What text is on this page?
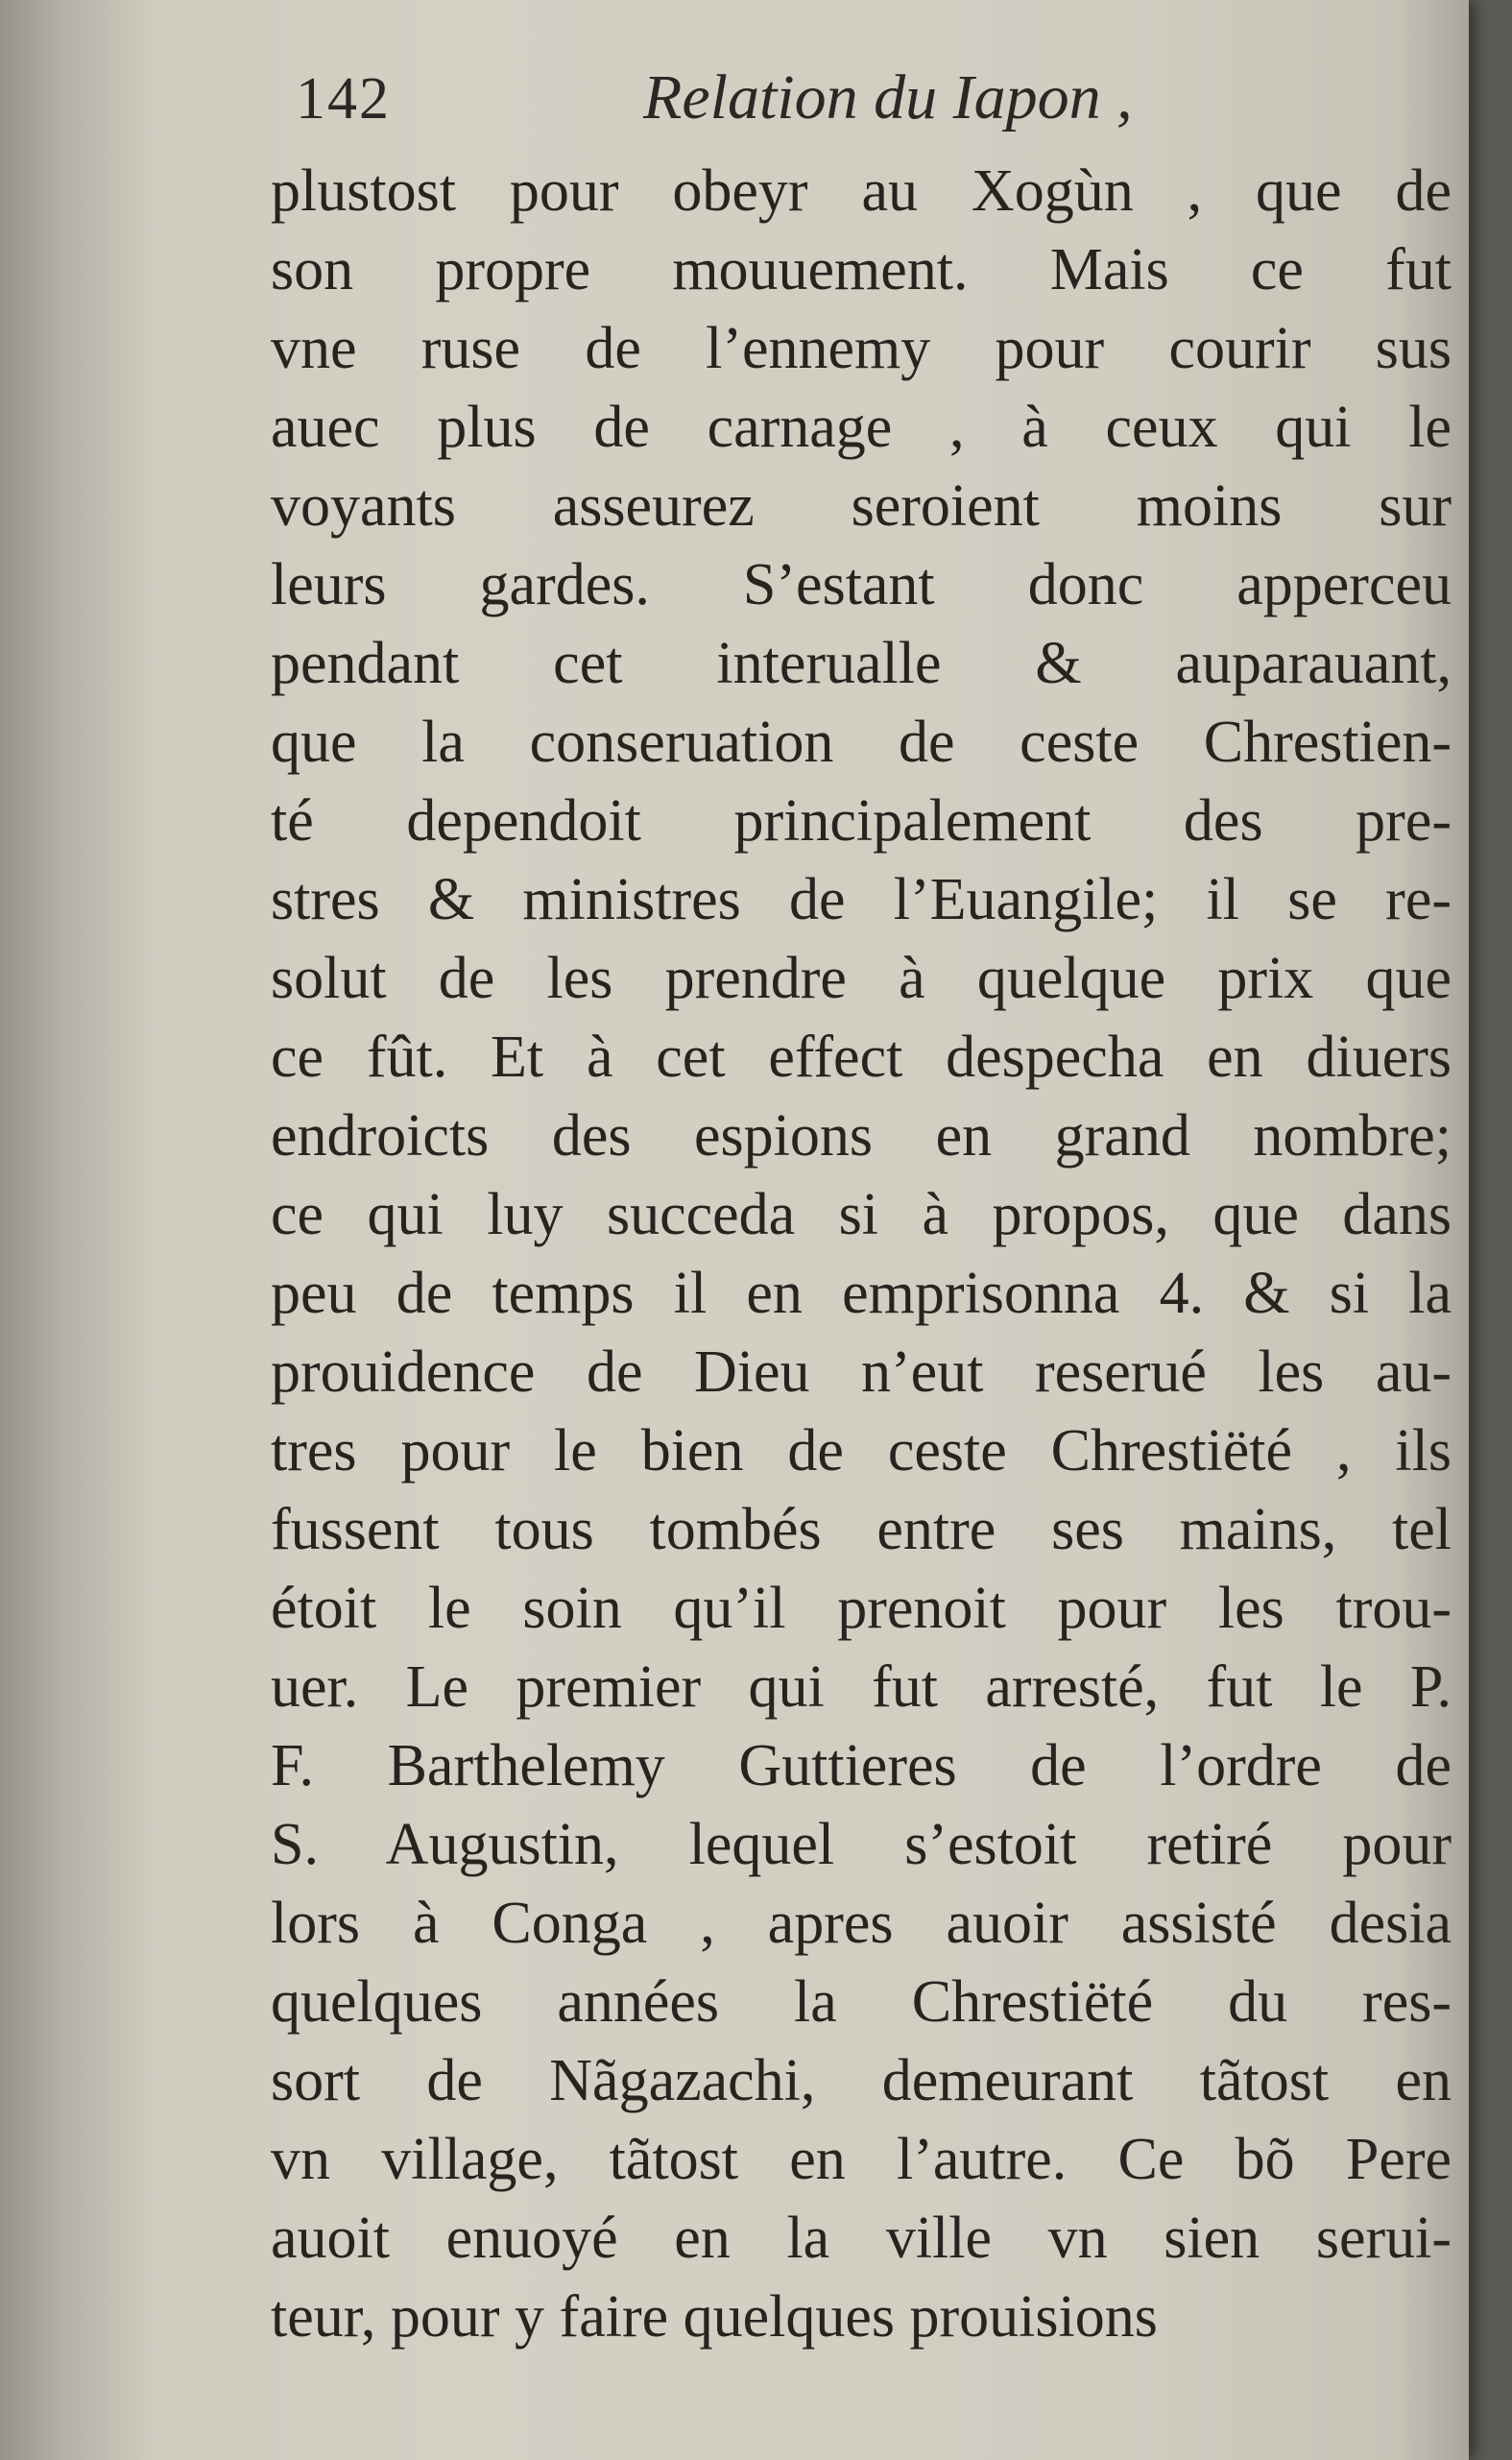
142	Relation du Iapon ,
plustost pour obeyr au Xogùn , que de
son propre mouuement. Mais ce fut
vne ruse de l’ennemy pour courir sus
auec plus de carnage , à ceux qui le
voyants asseurez seroient moins sur
leurs gardes. S’estant donc apperceu
pendant cet interualle & auparauant,
que la conseruation de ceste Chrestien-
té dependoit principalement des pre-
stres & ministres de l’Euangile; il se re-
solut de les prendre à quelque prix que
ce fût. Et à cet effect despecha en diuers
endroicts des espions en grand nombre;
ce qui luy succeda si à propos, que dans
peu de temps il en emprisonna 4. & si la
prouidence de Dieu n’eut reserué les au-
tres pour le bien de ceste Chrestiëté , ils
fussent tous tombés entre ses mains, tel
étoit le soin qu’il prenoit pour les trou-
uer. Le premier qui fut arresté, fut le P.
F. Barthelemy Guttieres de l’ordre de
S. Augustin, lequel s’estoit retiré pour
lors à Conga , apres auoir assisté desia
quelques années la Chrestiëté du res-
sort de Nãgazachi, demeurant tãtost en
vn village, tãtost en l’autre. Ce bõ Pere
auoit enuoyé en la ville vn sien serui-
teur, pour y faire quelques prouisions
